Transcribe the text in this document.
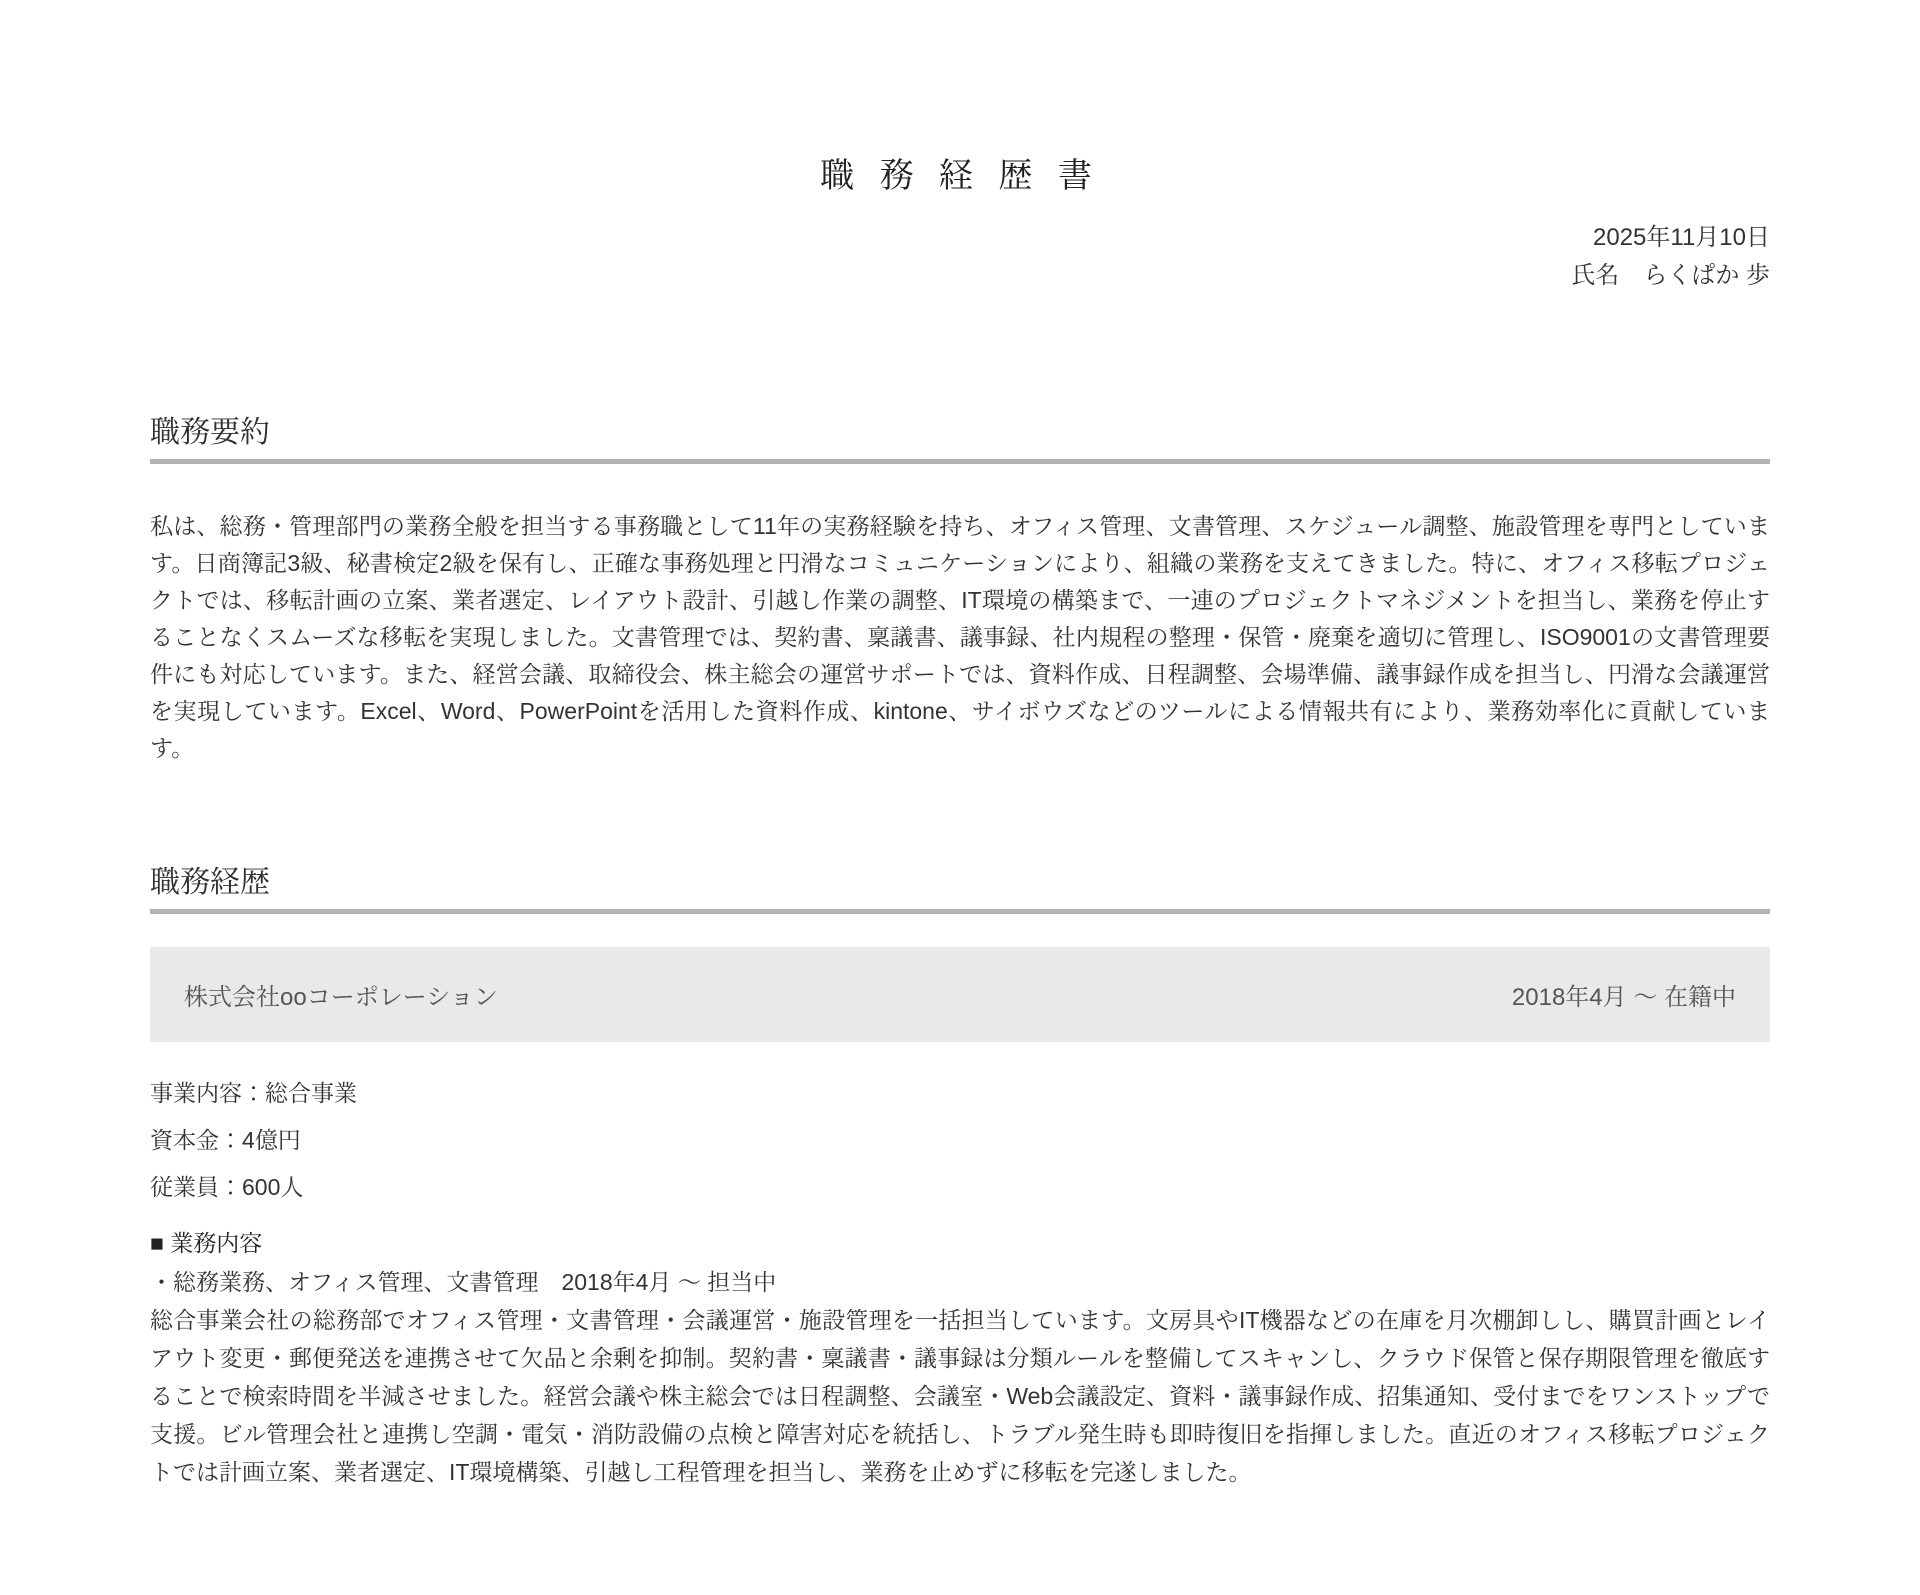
職 務 経 歴 書
2025年11月10日
氏名　らくぱか 歩
職務要約

私は、総務・管理部門の業務全般を担当する事務職として11年の実務経験を持ち、オフィス管理、文書管理、スケジュール調整、施設管理を専門としています。日商簿記3級、秘書検定2級を保有し、正確な事務処理と円滑なコミュニケーションにより、組織の業務を支えてきました。特に、オフィス移転プロジェクトでは、移転計画の立案、業者選定、レイアウト設計、引越し作業の調整、IT環境の構築まで、一連のプロジェクトマネジメントを担当し、業務を停止することなくスムーズな移転を実現しました。文書管理では、契約書、稟議書、議事録、社内規程の整理・保管・廃棄を適切に管理し、ISO9001の文書管理要件にも対応しています。また、経営会議、取締役会、株主総会の運営サポートでは、資料作成、日程調整、会場準備、議事録作成を担当し、円滑な会議運営を実現しています。Excel、Word、PowerPointを活用した資料作成、kintone、サイボウズなどのツールによる情報共有により、業務効率化に貢献しています。

職務経歴
株式会社ooコーポレーション	2018年4月 ～ 在籍中
事業内容：総合事業
資本金：4億円
従業員：600人
■ 業務内容
・総務業務、オフィス管理、文書管理　2018年4月 ～ 担当中

総合事業会社の総務部でオフィス管理・文書管理・会議運営・施設管理を一括担当しています。文房具やIT機器などの在庫を月次棚卸しし、購買計画とレイアウト変更・郵便発送を連携させて欠品と余剰を抑制。契約書・稟議書・議事録は分類ルールを整備してスキャンし、クラウド保管と保存期限管理を徹底することで検索時間を半減させました。経営会議や株主総会では日程調整、会議室・Web会議設定、資料・議事録作成、招集通知、受付までをワンストップで支援。ビル管理会社と連携し空調・電気・消防設備の点検と障害対応を統括し、トラブル発生時も即時復旧を指揮しました。直近のオフィス移転プロジェクトでは計画立案、業者選定、IT環境構築、引越し工程管理を担当し、業務を止めずに移転を完遂しました。
